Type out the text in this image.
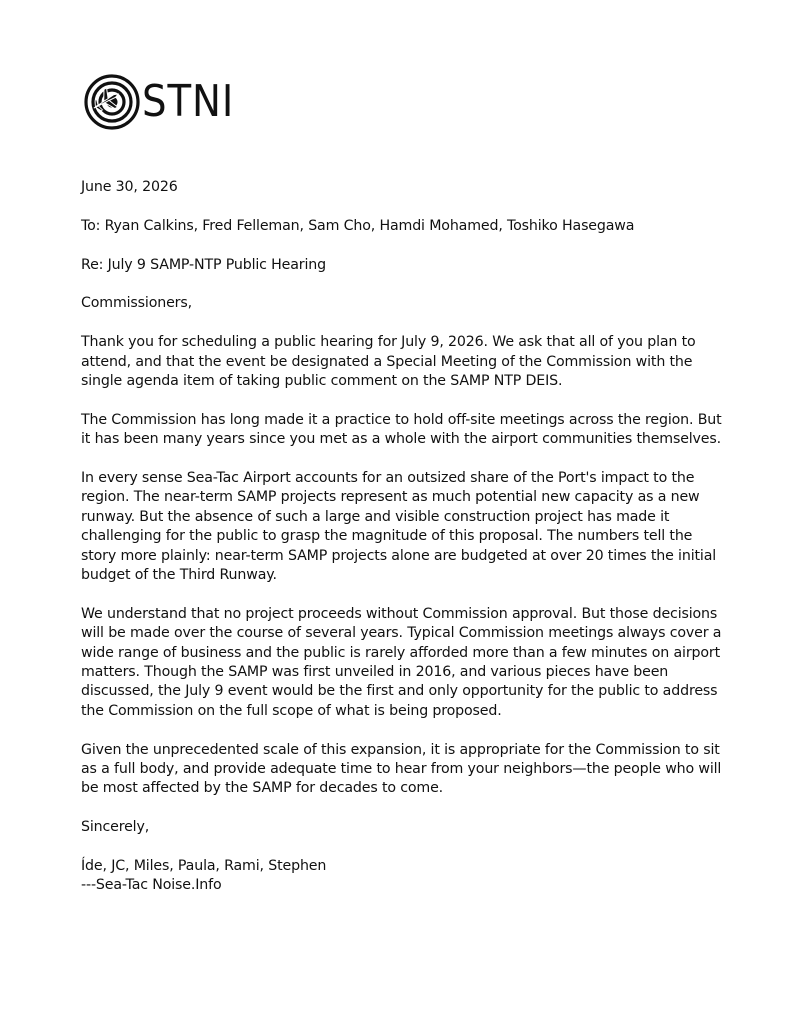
STNI

June 30, 2026

To: Ryan Calkins, Fred Felleman, Sam Cho, Hamdi Mohamed, Toshiko Hasegawa

Re: July 9 SAMP-NTP Public Hearing

Commissioners,

Thank you for scheduling a public hearing for July 9, 2026. We ask that all of you plan to attend, and that the event be designated a Special Meeting of the Commission with the single agenda item of taking public comment on the SAMP NTP DEIS.

The Commission has long made it a practice to hold off-site meetings across the region. But it has been many years since you met as a whole with the airport communities themselves.

In every sense Sea-Tac Airport accounts for an outsized share of the Port's impact to the region. The near-term SAMP projects represent as much potential new capacity as a new runway. But the absence of such a large and visible construction project has made it challenging for the public to grasp the magnitude of this proposal. The numbers tell the story more plainly: near-term SAMP projects alone are budgeted at over 20 times the initial budget of the Third Runway.

We understand that no project proceeds without Commission approval. But those decisions will be made over the course of several years. Typical Commission meetings always cover a wide range of business and the public is rarely afforded more than a few minutes on airport matters. Though the SAMP was first unveiled in 2016, and various pieces have been discussed, the July 9 event would be the first and only opportunity for the public to address the Commission on the full scope of what is being proposed.

Given the unprecedented scale of this expansion, it is appropriate for the Commission to sit as a full body, and provide adequate time to hear from your neighbors—the people who will be most affected by the SAMP for decades to come.

Sincerely,

Íde, JC, Miles, Paula, Rami, Stephen

---Sea-Tac Noise.Info
